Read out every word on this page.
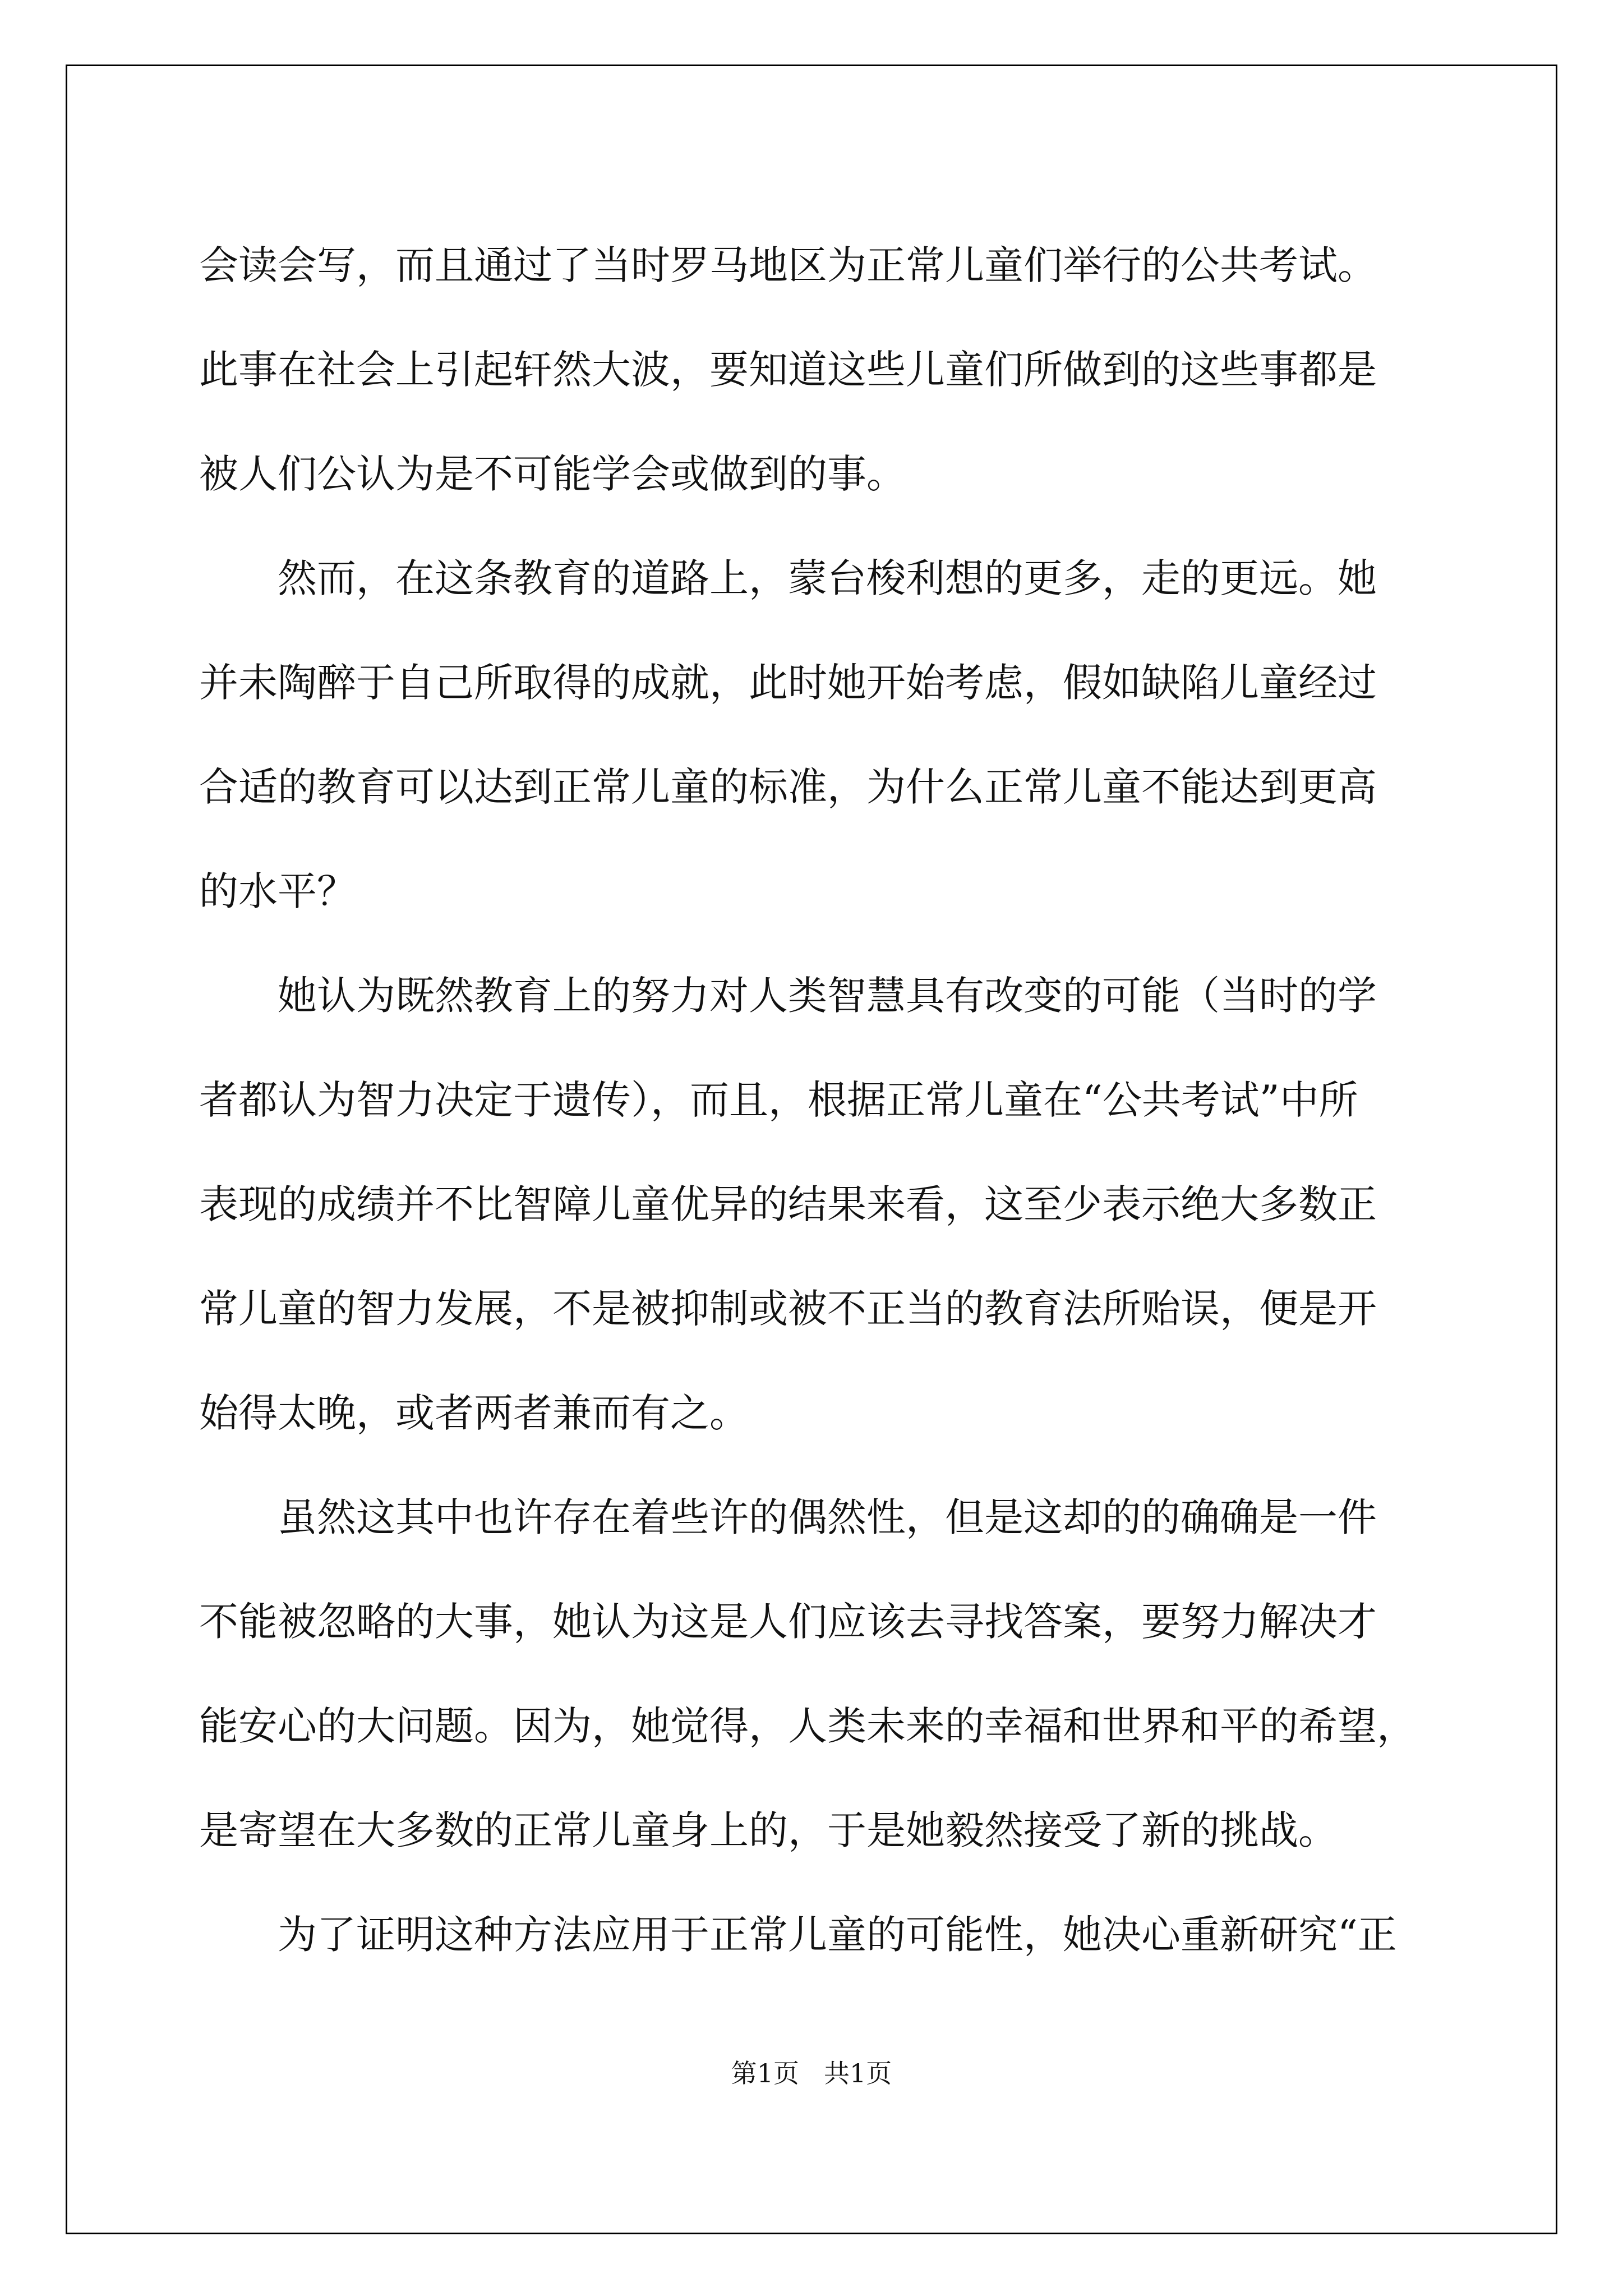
会读会写，而且通过了当时罗马地区为正常儿童们举行的公共考试。
此事在社会上引起轩然大波，要知道这些儿童们所做到的这些事都是
被人们公认为是不可能学会或做到的事。
然而，在这条教育的道路上，蒙台梭利想的更多，走的更远。她
并未陶醉于自己所取得的成就，此时她开始考虑，假如缺陷儿童经过
合适的教育可以达到正常儿童的标准，为什么正常儿童不能达到更高
的水平？
她认为既然教育上的努力对人类智慧具有改变的可能（当时的学
者都认为智力决定于遗传），而且，根据正常儿童在“公共考试”中所
表现的成绩并不比智障儿童优异的结果来看，这至少表示绝大多数正
常儿童的智力发展，不是被抑制或被不正当的教育法所贻误，便是开
始得太晚，或者两者兼而有之。
虽然这其中也许存在着些许的偶然性，但是这却的的确确是一件
不能被忽略的大事，她认为这是人们应该去寻找答案，要努力解决才
能安心的大问题。因为，她觉得，人类未来的幸福和世界和平的希望，
是寄望在大多数的正常儿童身上的，于是她毅然接受了新的挑战。
为了证明这种方法应用于正常儿童的可能性，她决心重新研究“正
第1页 共1页
